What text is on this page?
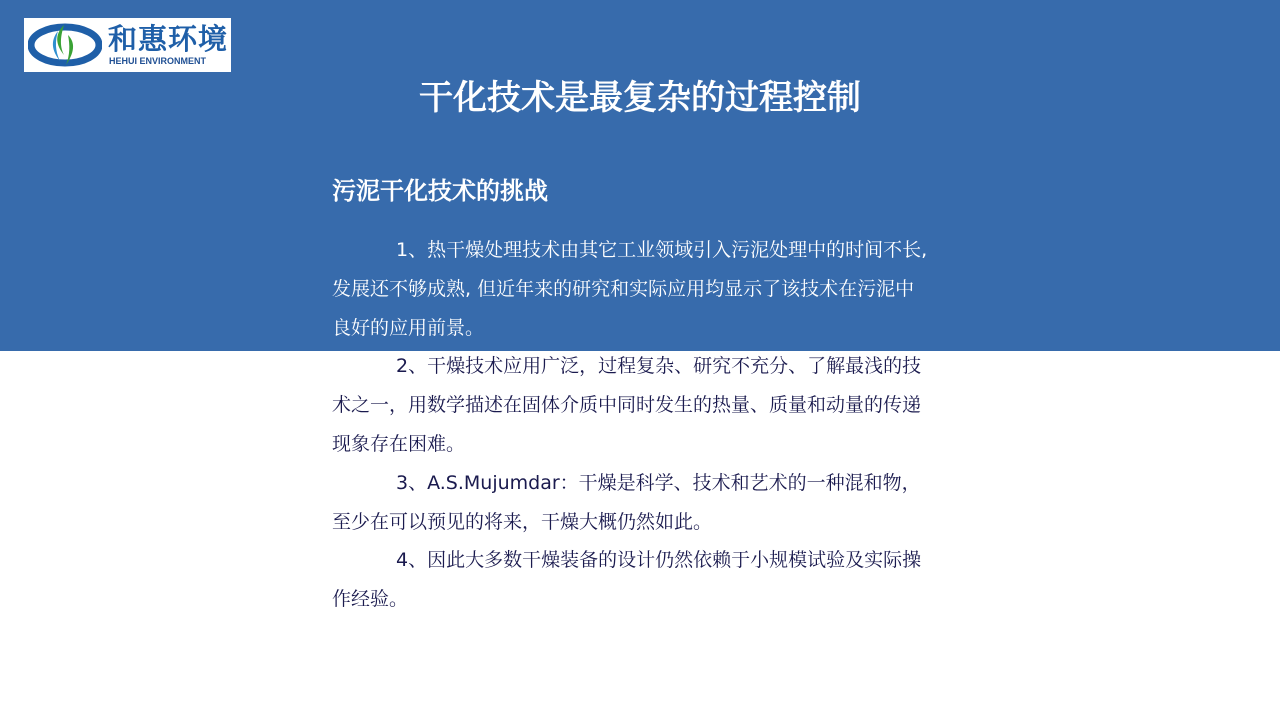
和惠环境
HEHUI ENVIRONMENT
干化技术是最复杂的过程控制
污泥干化技术的挑战

1、热干燥处理技术由其它工业领域引入污泥处理中的时间不长,
发展还不够成熟, 但近年来的研究和实际应用均显示了该技术在污泥中
良好的应用前景。

2、干燥技术应用广泛，过程复杂、研究不充分、了解最浅的技
术之一，用数学描述在固体介质中同时发生的热量、质量和动量的传递
现象存在困难。

3、A.S.Mujumdar：干燥是科学、技术和艺术的一种混和物，
至少在可以预见的将来，干燥大概仍然如此。

4、因此大多数干燥装备的设计仍然依赖于小规模试验及实际操
作经验。
